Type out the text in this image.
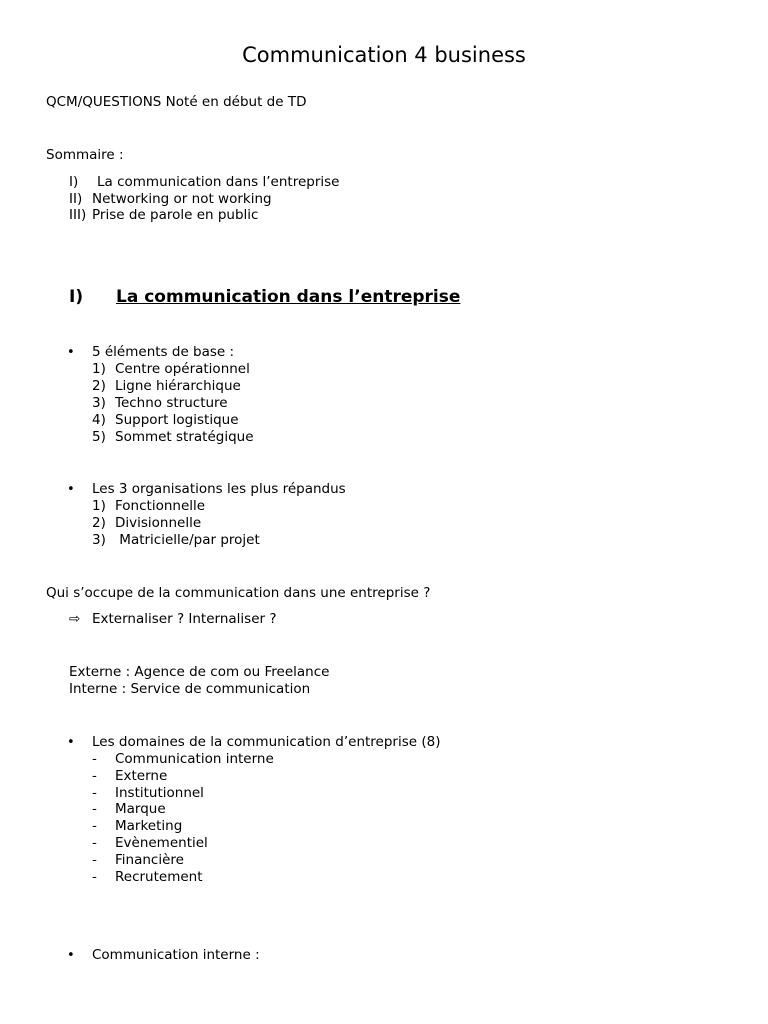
Communication 4 business
QCM/QUESTIONS Noté en début de TD
Sommaire :
I) La communication dans l’entreprise
II) Networking or not working
III) Prise de parole en public
I) La communication dans l’entreprise
• 5 éléments de base :
1) Centre opérationnel
2) Ligne hiérarchique
3) Techno structure
4) Support logistique
5) Sommet stratégique
• Les 3 organisations les plus répandus
1) Fonctionnelle
2) Divisionnelle
3) Matricielle/par projet
Qui s’occupe de la communication dans une entreprise ?
⇨ Externaliser ? Internaliser ?
Externe : Agence de com ou Freelance
Interne : Service de communication
• Les domaines de la communication d’entreprise (8)
- Communication interne
- Externe
- Institutionnel
- Marque
- Marketing
- Evènementiel
- Financière
- Recrutement
• Communication interne :
